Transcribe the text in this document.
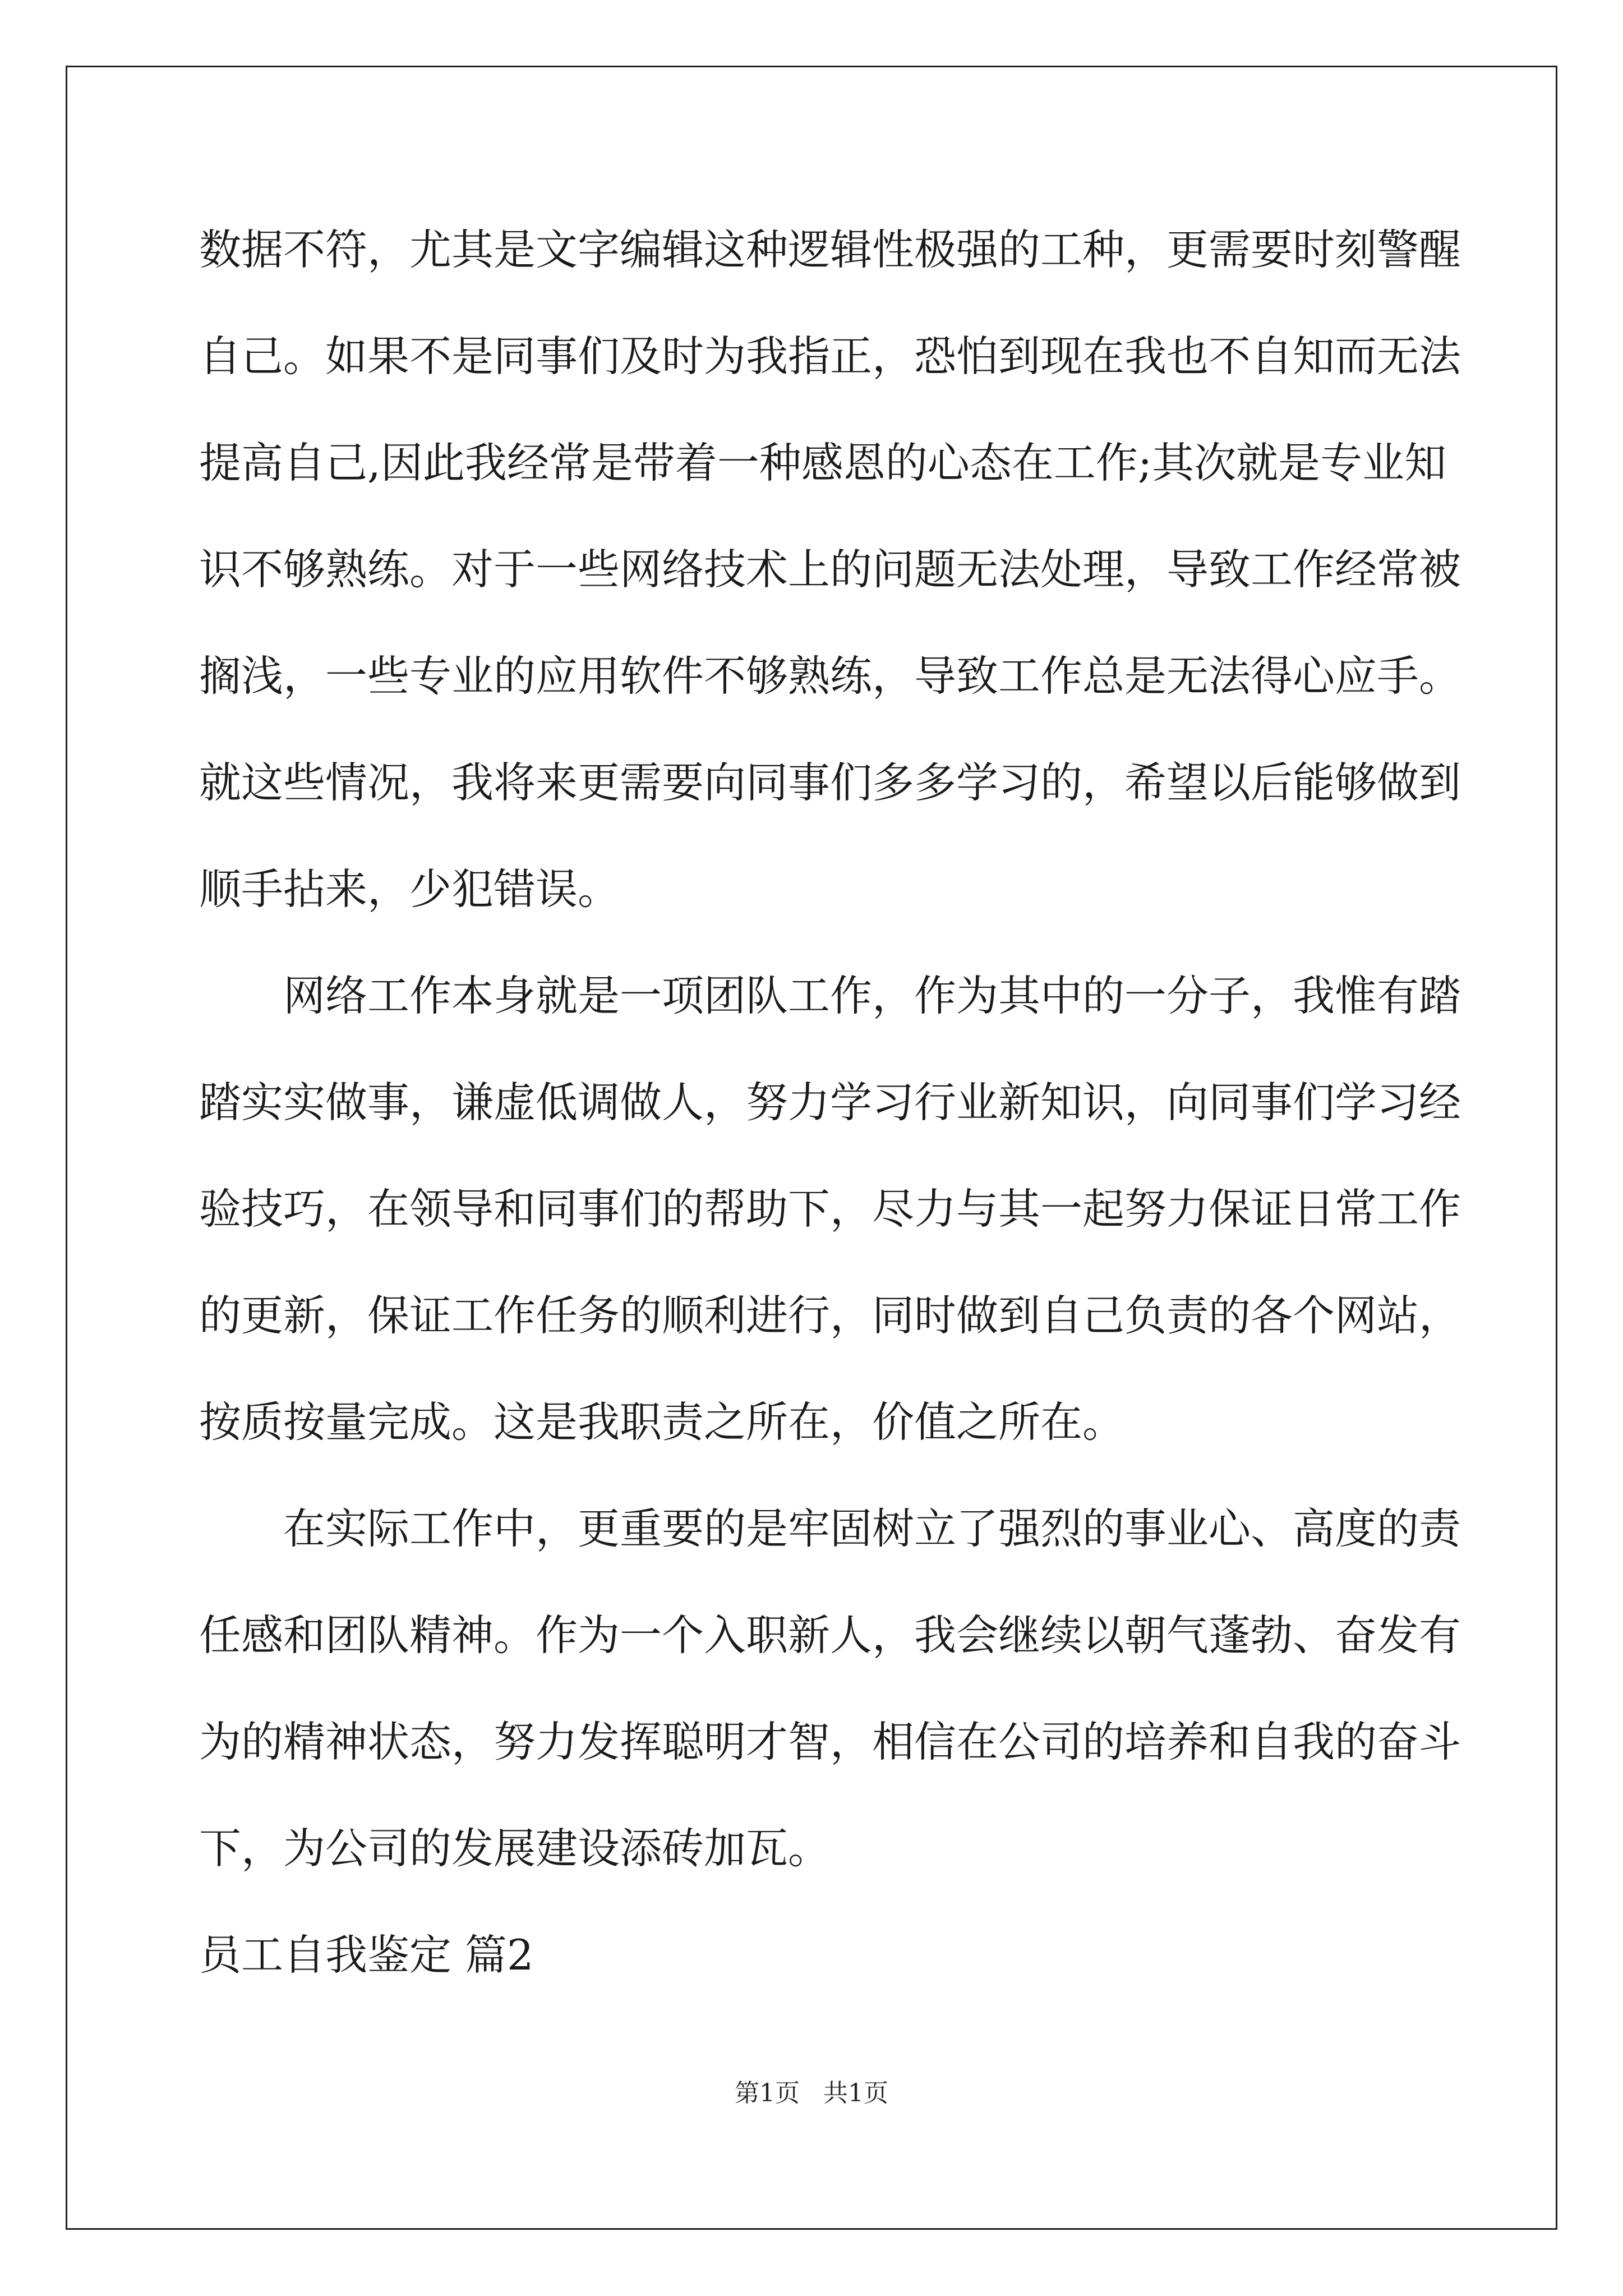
数据不符，尤其是文字编辑这种逻辑性极强的工种，更需要时刻警醒

自己。如果不是同事们及时为我指正，恐怕到现在我也不自知而无法

提高自己,因此我经常是带着一种感恩的心态在工作;其次就是专业知

识不够熟练。对于一些网络技术上的问题无法处理，导致工作经常被

搁浅，一些专业的应用软件不够熟练，导致工作总是无法得心应手。

就这些情况，我将来更需要向同事们多多学习的，希望以后能够做到

顺手拈来，少犯错误。

网络工作本身就是一项团队工作，作为其中的一分子，我惟有踏

踏实实做事，谦虚低调做人，努力学习行业新知识，向同事们学习经

验技巧，在领导和同事们的帮助下，尽力与其一起努力保证日常工作

的更新，保证工作任务的顺利进行，同时做到自己负责的各个网站，

按质按量完成。这是我职责之所在，价值之所在。

在实际工作中，更重要的是牢固树立了强烈的事业心、高度的责

任感和团队精神。作为一个入职新人，我会继续以朝气蓬勃、奋发有

为的精神状态，努力发挥聪明才智，相信在公司的培养和自我的奋斗

下，为公司的发展建设添砖加瓦。

员工自我鉴定 篇2

第1页   共1页
